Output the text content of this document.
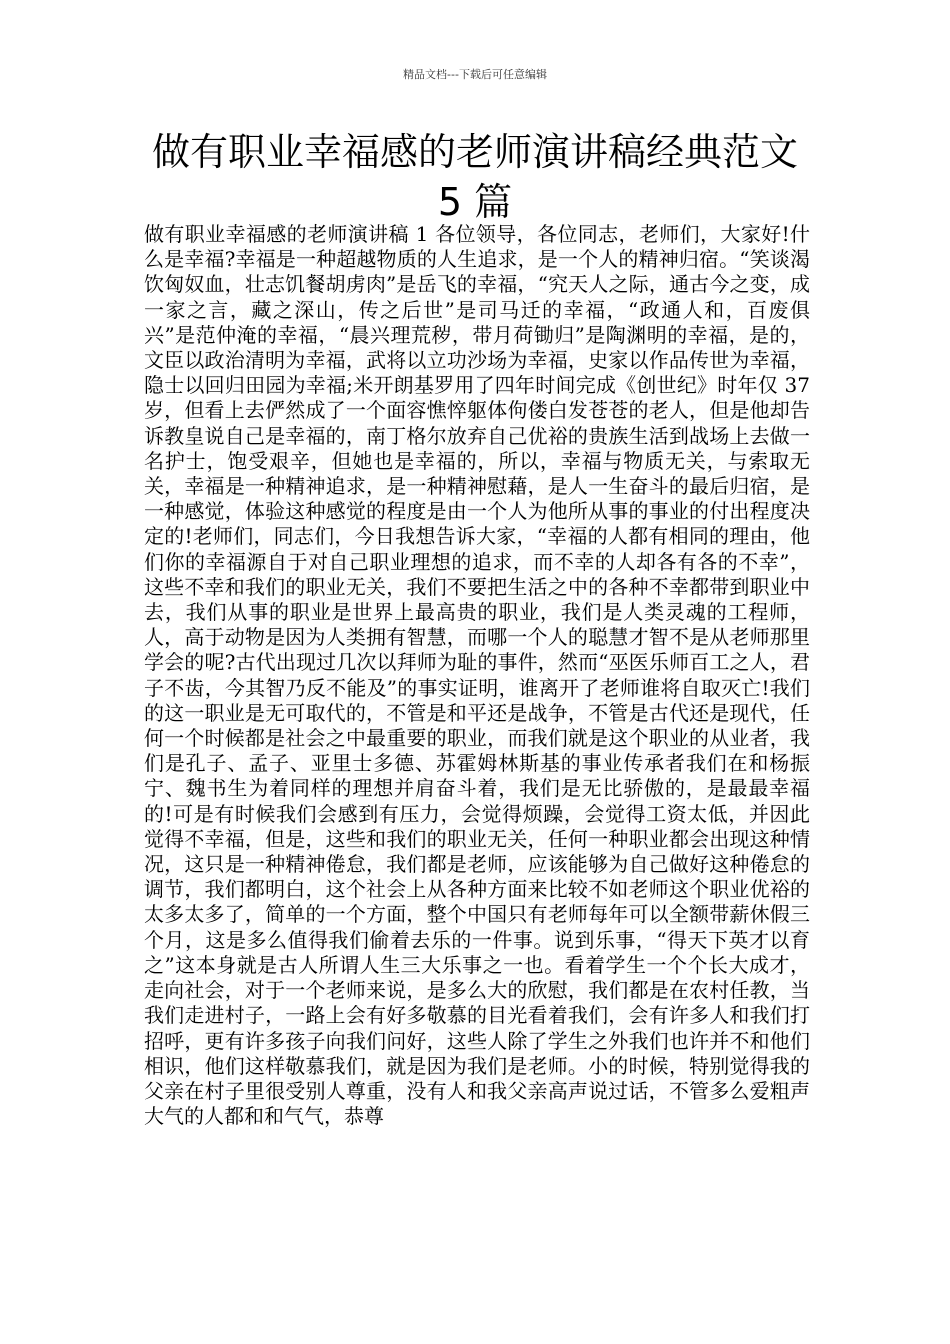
精品文档---下载后可任意编辑
做有职业幸福感的老师演讲稿经典范文
5 篇

做有职业幸福感的老师演讲稿 1 各位领导，各位同志，老师们，大家好!什么是幸福?幸福是一种超越物质的人生追求，是一个人的精神归宿。“笑谈渴饮匈奴血，壮志饥餐胡虏肉”是岳飞的幸福，“究天人之际，通古今之变，成一家之言，藏之深山，传之后世”是司马迁的幸福，“政通人和，百废俱兴”是范仲淹的幸福，“晨兴理荒秽，带月荷锄归”是陶渊明的幸福，是的，文臣以政治清明为幸福，武将以立功沙场为幸福，史家以作品传世为幸福，隐士以回归田园为幸福;米开朗基罗用了四年时间完成《创世纪》时年仅 37 岁，但看上去俨然成了一个面容憔悴躯体佝偻白发苍苍的老人，但是他却告诉教皇说自己是幸福的，南丁格尔放弃自己优裕的贵族生活到战场上去做一名护士，饱受艰辛，但她也是幸福的，所以，幸福与物质无关，与索取无关，幸福是一种精神追求，是一种精神慰藉，是人一生奋斗的最后归宿，是一种感觉，体验这种感觉的程度是由一个人为他所从事的事业的付出程度决定的!老师们，同志们，今日我想告诉大家，“幸福的人都有相同的理由，他们你的幸福源自于对自己职业理想的追求，而不幸的人却各有各的不幸”，这些不幸和我们的职业无关，我们不要把生活之中的各种不幸都带到职业中去，我们从事的职业是世界上最高贵的职业，我们是人类灵魂的工程师，人，高于动物是因为人类拥有智慧，而哪一个人的聪慧才智不是从老师那里学会的呢?古代出现过几次以拜师为耻的事件，然而“巫医乐师百工之人，君子不齿，今其智乃反不能及”的事实证明，谁离开了老师谁将自取灭亡!我们的这一职业是无可取代的，不管是和平还是战争，不管是古代还是现代，任何一个时候都是社会之中最重要的职业，而我们就是这个职业的从业者，我们是孔子、孟子、亚里士多德、苏霍姆林斯基的事业传承者我们在和杨振宁、魏书生为着同样的理想并肩奋斗着，我们是无比骄傲的，是最最幸福的!可是有时候我们会感到有压力，会觉得烦躁，会觉得工资太低，并因此觉得不幸福，但是，这些和我们的职业无关，任何一种职业都会出现这种情况，这只是一种精神倦怠，我们都是老师，应该能够为自己做好这种倦怠的调节，我们都明白，这个社会上从各种方面来比较不如老师这个职业优裕的太多太多了，简单的一个方面，整个中国只有老师每年可以全额带薪休假三个月，这是多么值得我们偷着去乐的一件事。说到乐事，“得天下英才以育之”这本身就是古人所谓人生三大乐事之一也。看着学生一个个长大成才，走向社会，对于一个老师来说，是多么大的欣慰，我们都是在农村任教，当我们走进村子，一路上会有好多敬慕的目光看着我们，会有许多人和我们打招呼，更有许多孩子向我们问好，这些人除了学生之外我们也许并不和他们相识，他们这样敬慕我们，就是因为我们是老师。小的时候，特别觉得我的父亲在村子里很受别人尊重，没有人和我父亲高声说过话，不管多么爱粗声大气的人都和和气气，恭尊
